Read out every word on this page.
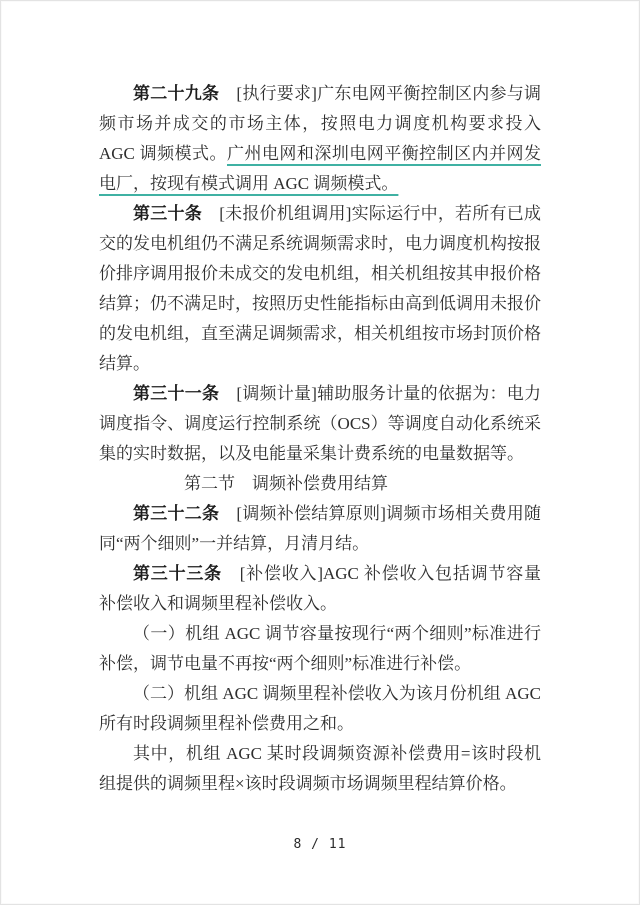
第二十九条　[执行要求]广东电网平衡控制区内参与调频市场并成交的市场主体，按照电力调度机构要求投入AGC 调频模式。广州电网和深圳电网平衡控制区内并网发电厂，按现有模式调用 AGC 调频模式。

第三十条　[未报价机组调用]实际运行中，若所有已成交的发电机组仍不满足系统调频需求时，电力调度机构按报价排序调用报价未成交的发电机组，相关机组按其申报价格结算；仍不满足时，按照历史性能指标由高到低调用未报价的发电机组，直至满足调频需求，相关机组按市场封顶价格结算。

第三十一条　[调频计量]辅助服务计量的依据为：电力调度指令、调度运行控制系统（OCS）等调度自动化系统采集的实时数据，以及电能量采集计费系统的电量数据等。

第二节　调频补偿费用结算

第三十二条　[调频补偿结算原则]调频市场相关费用随同“两个细则”一并结算，月清月结。

第三十三条　[补偿收入]AGC 补偿收入包括调节容量补偿收入和调频里程补偿收入。

（一）机组 AGC 调节容量按现行“两个细则”标准进行补偿，调节电量不再按“两个细则”标准进行补偿。

（二）机组 AGC 调频里程补偿收入为该月份机组 AGC 所有时段调频里程补偿费用之和。

其中，机组 AGC 某时段调频资源补偿费用=该时段机组提供的调频里程×该时段调频市场调频里程结算价格。

8 / 11
